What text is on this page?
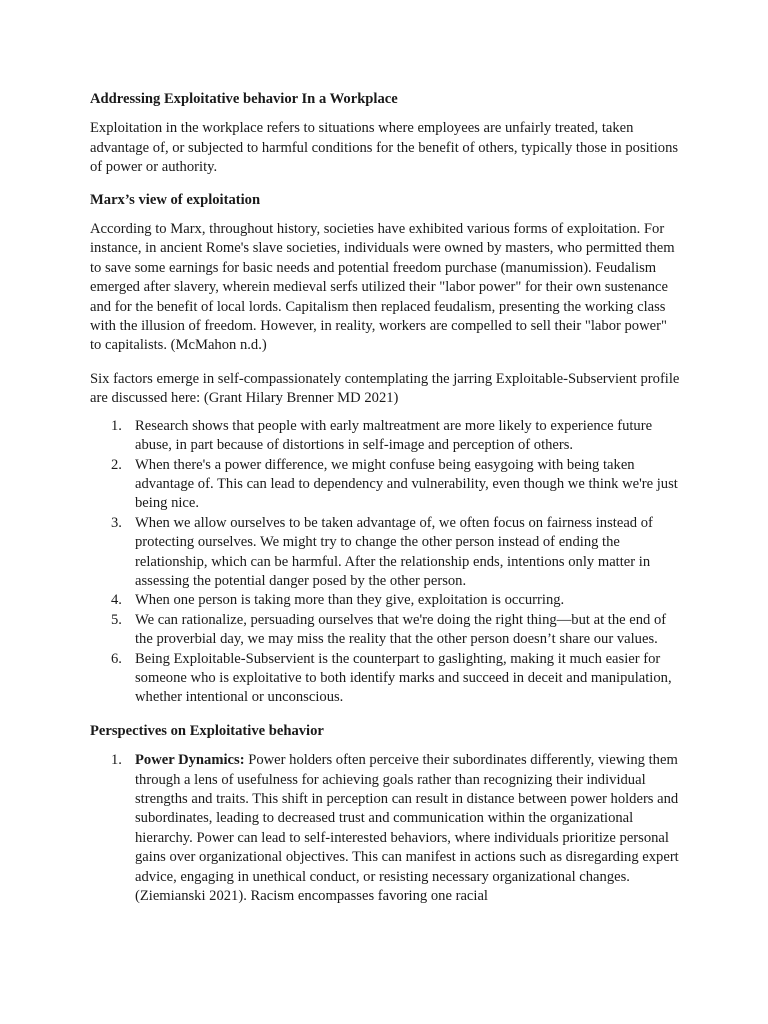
Addressing Exploitative behavior In a Workplace

Exploitation in the workplace refers to situations where employees are unfairly treated, taken advantage of, or subjected to harmful conditions for the benefit of others, typically those in positions of power or authority.

Marx’s view of exploitation

According to Marx, throughout history, societies have exhibited various forms of exploitation. For instance, in ancient Rome's slave societies, individuals were owned by masters, who permitted them to save some earnings for basic needs and potential freedom purchase (manumission). Feudalism emerged after slavery, wherein medieval serfs utilized their "labor power" for their own sustenance and for the benefit of local lords. Capitalism then replaced feudalism, presenting the working class with the illusion of freedom. However, in reality, workers are compelled to sell their "labor power" to capitalists. (McMahon n.d.)

Six factors emerge in self-compassionately contemplating the jarring Exploitable-Subservient profile are discussed here: (Grant Hilary Brenner MD 2021)

1. Research shows that people with early maltreatment are more likely to experience future abuse, in part because of distortions in self-image and perception of others.
2. When there's a power difference, we might confuse being easygoing with being taken advantage of. This can lead to dependency and vulnerability, even though we think we're just being nice.
3. When we allow ourselves to be taken advantage of, we often focus on fairness instead of protecting ourselves. We might try to change the other person instead of ending the relationship, which can be harmful. After the relationship ends, intentions only matter in assessing the potential danger posed by the other person.
4. When one person is taking more than they give, exploitation is occurring.
5. We can rationalize, persuading ourselves that we're doing the right thing—but at the end of the proverbial day, we may miss the reality that the other person doesn’t share our values.
6. Being Exploitable-Subservient is the counterpart to gaslighting, making it much easier for someone who is exploitative to both identify marks and succeed in deceit and manipulation, whether intentional or unconscious.
Perspectives on Exploitative behavior
1. Power Dynamics: Power holders often perceive their subordinates differently, viewing them through a lens of usefulness for achieving goals rather than recognizing their individual strengths and traits. This shift in perception can result in distance between power holders and subordinates, leading to decreased trust and communication within the organizational hierarchy. Power can lead to self-interested behaviors, where individuals prioritize personal gains over organizational objectives. This can manifest in actions such as disregarding expert advice, engaging in unethical conduct, or resisting necessary organizational changes. (Ziemianski 2021). Racism encompasses favoring one racial
